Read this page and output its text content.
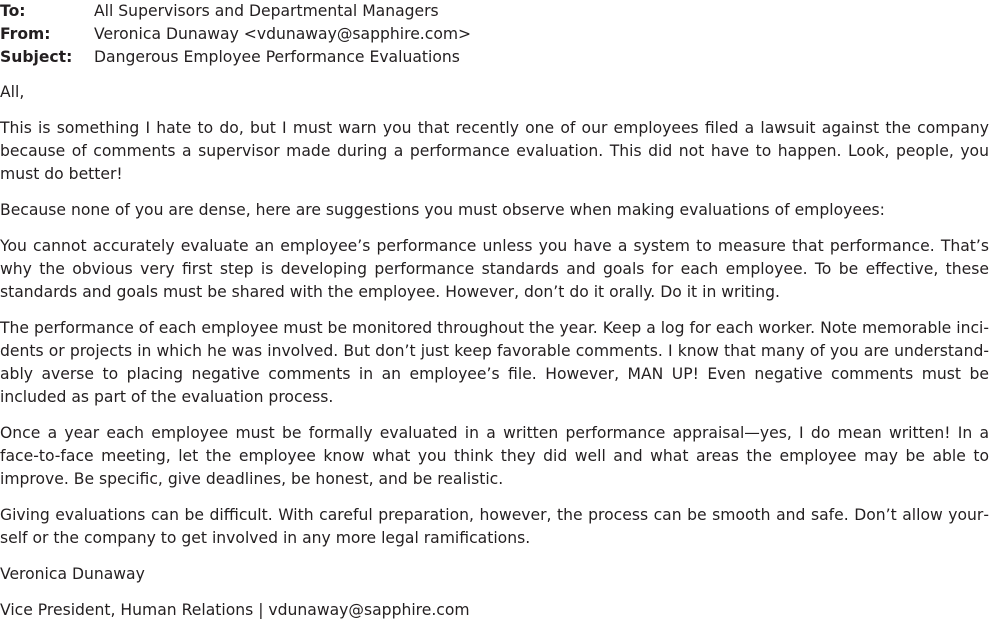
To:	All Supervisors and Departmental Managers
From:	Veronica Dunaway <vdunaway@sapphire.com>
Subject:	Dangerous Employee Performance Evaluations

All,

This is something I hate to do, but I must warn you that recently one of our employees filed a lawsuit against the company because of comments a supervisor made during a performance evaluation. This did not have to happen. Look, people, you must do better!

Because none of you are dense, here are suggestions you must observe when making evaluations of employees:

You cannot accurately evaluate an employee’s performance unless you have a system to measure that performance. That’s why the obvious very first step is developing performance standards and goals for each employee. To be effective, these standards and goals must be shared with the employee. However, don’t do it orally. Do it in writing.

The performance of each employee must be monitored throughout the year. Keep a log for each worker. Note memorable incidents or projects in which he was involved. But don’t just keep favorable comments. I know that many of you are understandably averse to placing negative comments in an employee’s file. However, MAN UP! Even negative comments must be included as part of the evaluation process.

Once a year each employee must be formally evaluated in a written performance appraisal—yes, I do mean written! In a face-to-face meeting, let the employee know what you think they did well and what areas the employee may be able to improve. Be specific, give deadlines, be honest, and be realistic.

Giving evaluations can be difficult. With careful preparation, however, the process can be smooth and safe. Don’t allow yourself or the company to get involved in any more legal ramifications.

Veronica Dunaway

Vice President, Human Relations | vdunaway@sapphire.com
